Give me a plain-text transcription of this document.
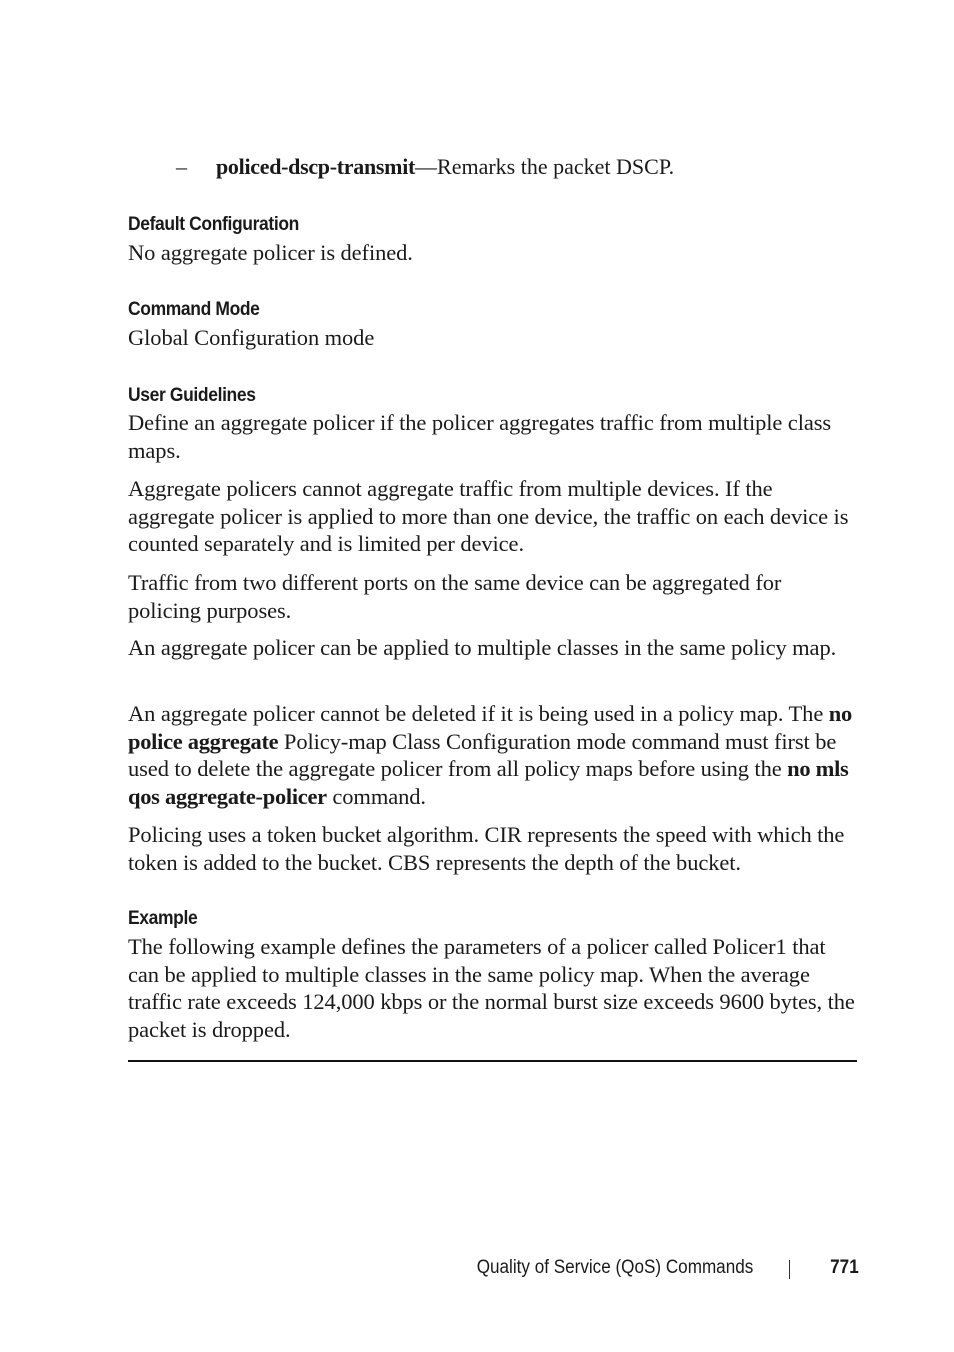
– policed-dscp-transmit—Remarks the packet DSCP.
Default Configuration

No aggregate policer is defined.

Command Mode

Global Configuration mode

User Guidelines

Define an aggregate policer if the policer aggregates traffic from multiple class maps.

Aggregate policers cannot aggregate traffic from multiple devices. If the aggregate policer is applied to more than one device, the traffic on each device is counted separately and is limited per device.

Traffic from two different ports on the same device can be aggregated for policing purposes.

An aggregate policer can be applied to multiple classes in the same policy map.

An aggregate policer cannot be deleted if it is being used in a policy map. The no police aggregate Policy-map Class Configuration mode command must first be used to delete the aggregate policer from all policy maps before using the no mls qos aggregate-policer command.

Policing uses a token bucket algorithm. CIR represents the speed with which the token is added to the bucket. CBS represents the depth of the bucket.

Example

The following example defines the parameters of a policer called Policer1 that can be applied to multiple classes in the same policy map. When the average traffic rate exceeds 124,000 kbps or the normal burst size exceeds 9600 bytes, the packet is dropped.

Quality of Service (QoS) Commands	771
